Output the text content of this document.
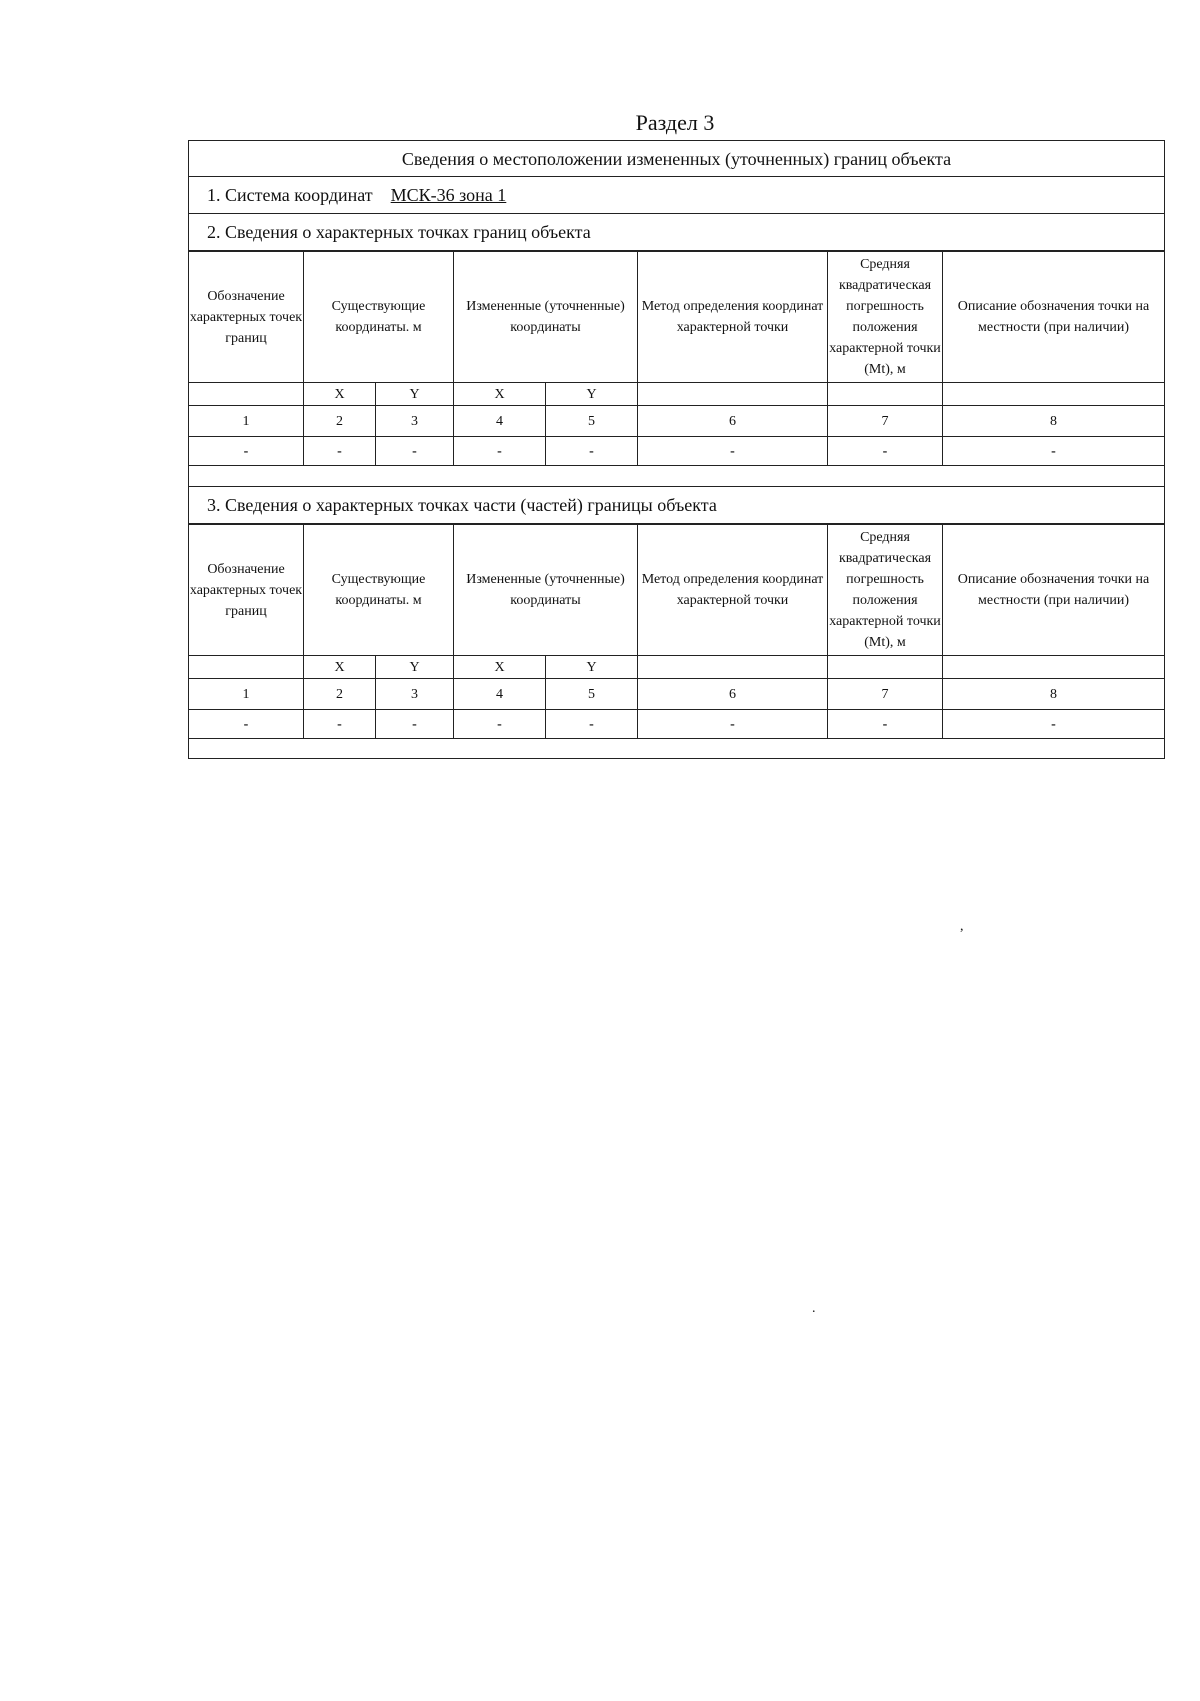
Раздел 3
Сведения о местоположении измененных (уточненных) границ объекта
1. Система координат МСК-36 зона 1
2. Сведения о характерных точках границ объекта
Обозначение характерных точек границ	Существующие координаты. м		Измененные (уточненные) координаты		Метод определения координат характерной точки	Средняя квадратическая погрешность положения характерной точки (Mt), м	Описание обозначения точки на местности (при наличии)
	X	Y	X	Y			
1	2	3	4	5	6	7	8
-	-	-	-	-	-	-	-

3. Сведения о характерных точках части (частей) границы объекта
Обозначение характерных точек границ	Существующие координаты. м		Измененные (уточненные) координаты		Метод определения координат характерной точки	Средняя квадратическая погрешность положения характерной точки (Mt), м	Описание обозначения точки на местности (при наличии)
	X	Y	X	Y			
1	2	3	4	5	6	7	8
-	-	-	-	-	-	-	-
,
.
